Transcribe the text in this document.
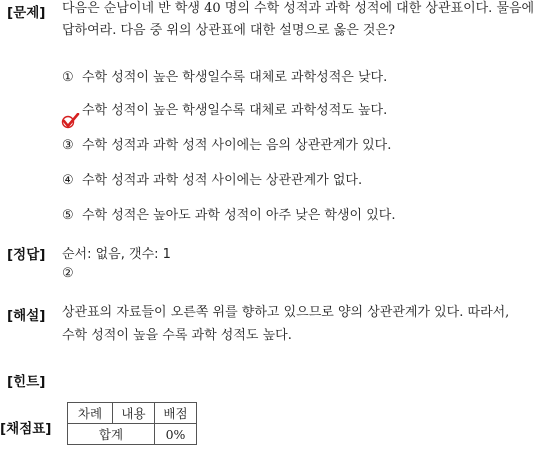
[문제] 다음은 순남이네 반 학생 40 명의 수학 성적과 과학 성적에 대한 상관표이다. 물음에
답하여라. 다음 중 위의 상관표에 대한 설명으로 옳은 것은?
① 수학 성적이 높은 학생일수록 대체로 과학성적은 낮다.
수학 성적이 높은 학생일수록 대체로 과학성적도 높다.
③ 수학 성적과 과학 성적 사이에는 음의 상관관계가 있다.
④ 수학 성적과 과학 성적 사이에는 상관관계가 없다.
⑤ 수학 성적은 높아도 과학 성적이 아주 낮은 학생이 있다.
[정답] 순서: 없음, 갯수: 1
②
[해설] 상관표의 자료들이 오른쪽 위를 향하고 있으므로 양의 상관관계가 있다. 따라서,
수학 성적이 높을 수록 과학 성적도 높다.
[힌트]
[채점표]
차례	내용	배점
합계		0%
